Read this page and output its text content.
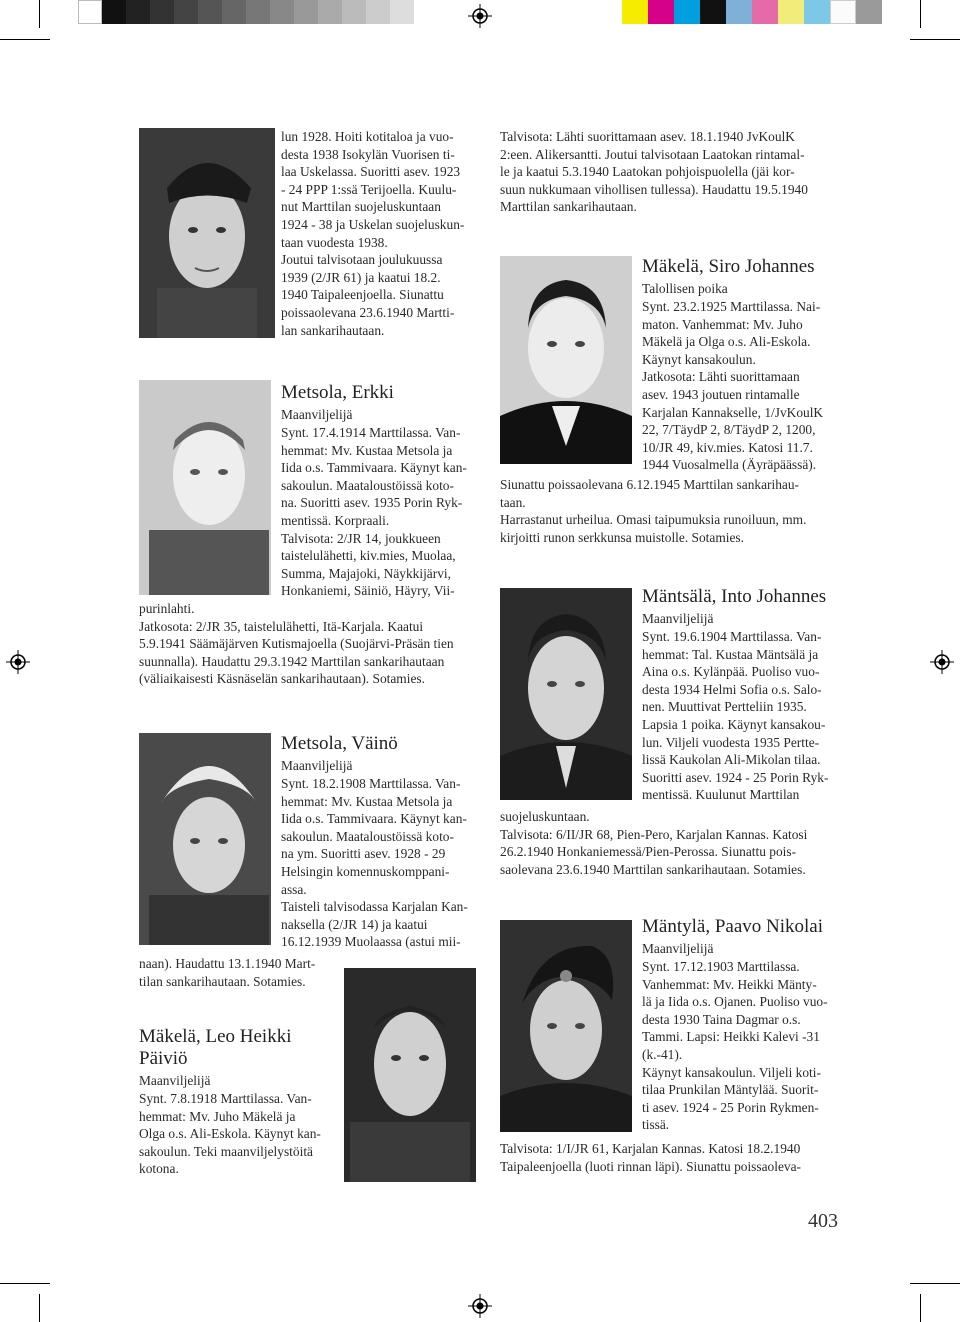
lun 1928. Hoiti kotitaloa ja vuo-
desta 1938 Isokylän Vuorisen ti-
laa Uskelassa. Suoritti asev. 1923
- 24 PPP 1:ssä Terijoella. Kuulu-
nut Marttilan suojeluskuntaan
1924 - 38 ja Uskelan suojeluskun-
taan vuodesta 1938.
Joutui talvisotaan joulukuussa
1939 (2/JR 61) ja kaatui 18.2.
1940 Taipaleenjoella. Siunattu
poissaolevana 23.6.1940 Martti-
lan sankarihautaan.
Metsola, Erkki
Maanviljelijä
Synt. 17.4.1914 Marttilassa. Van-
hemmat: Mv. Kustaa Metsola ja
Iida o.s. Tammivaara. Käynyt kan-
sakoulun. Maataloustöissä koto-
na. Suoritti asev. 1935 Porin Ryk-
mentissä. Korpraali.
Talvisota: 2/JR 14, joukkueen
taistelulähetti, kiv.mies, Muolaa,
Summa, Majajoki, Näykkijärvi,
Honkaniemi, Säiniö, Häyry, Vii-
purinlahti.
Jatkosota: 2/JR 35, taistelulähetti, Itä-Karjala. Kaatui
5.9.1941 Säämäjärven Kutismajoella (Suojärvi-Präsän tien
suunnalla). Haudattu 29.3.1942 Marttilan sankarihautaan
(väliaikaisesti Käsnäselän sankarihautaan). Sotamies.
Metsola, Väinö
Maanviljelijä
Synt. 18.2.1908 Marttilassa. Van-
hemmat: Mv. Kustaa Metsola ja
Iida o.s. Tammivaara. Käynyt kan-
sakoulun. Maataloustöissä koto-
na ym. Suoritti asev. 1928 - 29
Helsingin komennuskomppani-
assa.
Taisteli talvisodassa Karjalan Kan-
naksella (2/JR 14) ja kaatui
16.12.1939 Muolaassa (astui mii-
naan). Haudattu 13.1.1940 Mart-
tilan sankarihautaan. Sotamies.
Mäkelä, Leo Heikki
Päiviö
Maanviljelijä
Synt. 7.8.1918 Marttilassa. Van-
hemmat: Mv. Juho Mäkelä ja
Olga o.s. Ali-Eskola. Käynyt kan-
sakoulun. Teki maanviljelystöitä
kotona.
Talvisota: Lähti suorittamaan asev. 18.1.1940 JvKoulK
2:een. Alikersantti. Joutui talvisotaan Laatokan rintamal-
le ja kaatui 5.3.1940 Laatokan pohjoispuolella (jäi kor-
suun nukkumaan vihollisen tullessa). Haudattu 19.5.1940
Marttilan sankarihautaan.
Mäkelä, Siro Johannes
Talollisen poika
Synt. 23.2.1925 Marttilassa. Nai-
maton. Vanhemmat: Mv. Juho
Mäkelä ja Olga o.s. Ali-Eskola.
Käynyt kansakoulun.
Jatkosota: Lähti suorittamaan
asev. 1943 joutuen rintamalle
Karjalan Kannakselle, 1/JvKoulK
22, 7/TäydP 2, 8/TäydP 2, 1200,
10/JR 49, kiv.mies. Katosi 11.7.
1944 Vuosalmella (Äyräpäässä).
Siunattu poissaolevana 6.12.1945 Marttilan sankarihau-
taan.
Harrastanut urheilua. Omasi taipumuksia runoiluun, mm.
kirjoitti runon serkkunsa muistolle. Sotamies.
Mäntsälä, Into Johannes
Maanviljelijä
Synt. 19.6.1904 Marttilassa. Van-
hemmat: Tal. Kustaa Mäntsälä ja
Aina o.s. Kylänpää. Puoliso vuo-
desta 1934 Helmi Sofia o.s. Salo-
nen. Muuttivat Pertteliin 1935.
Lapsia 1 poika. Käynyt kansakou-
lun. Viljeli vuodesta 1935 Pertte-
lissä Kaukolan Ali-Mikolan tilaa.
Suoritti asev. 1924 - 25 Porin Ryk-
mentissä. Kuulunut Marttilan
suojeluskuntaan.
Talvisota: 6/II/JR 68, Pien-Pero, Karjalan Kannas. Katosi
26.2.1940 Honkaniemessä/Pien-Perossa. Siunattu pois-
saolevana 23.6.1940 Marttilan sankarihautaan. Sotamies.
Mäntylä, Paavo Nikolai
Maanviljelijä
Synt. 17.12.1903 Marttilassa.
Vanhemmat: Mv. Heikki Mänty-
lä ja Iida o.s. Ojanen. Puoliso vuo-
desta 1930 Taina Dagmar o.s.
Tammi. Lapsi: Heikki Kalevi -31
(k.-41).
Käynyt kansakoulun. Viljeli koti-
tilaa Prunkilan Mäntylää. Suorit-
ti asev. 1924 - 25 Porin Rykmen-
tissä.
Talvisota: 1/I/JR 61, Karjalan Kannas. Katosi 18.2.1940
Taipaleenjoella (luoti rinnan läpi). Siunattu poissaoleva-
403
